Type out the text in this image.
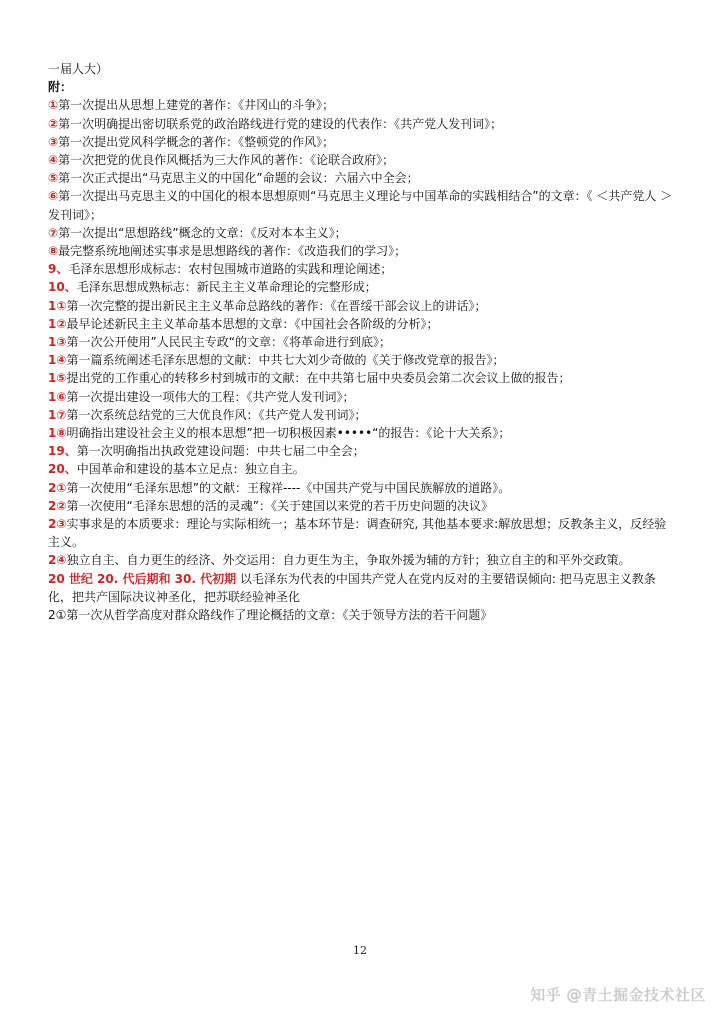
一届人大）
附：
①第一次提出从思想上建党的著作：《井冈山的斗争》；
②第一次明确提出密切联系党的政治路线进行党的建设的代表作：《共产党人发刊词》；
③第一次提出党风科学概念的著作：《整顿党的作风》；
④第一次把党的优良作风概括为三大作风的著作：《论联合政府》；
⑤第一次正式提出“马克思主义的中国化”命题的会议：六届六中全会；
⑥第一次提出马克思主义的中国化的根本思想原则“马克思主义理论与中国革命的实践相结合”的文章：《 ＜共产党人 ＞发刊词》；
⑦第一次提出“思想路线”概念的文章：《反对本本主义》；
⑧最完整系统地阐述实事求是思想路线的著作：《改造我们的学习》；
9、毛泽东思想形成标志：农村包围城市道路的实践和理论阐述；
10、毛泽东思想成熟标志：新民主主义革命理论的完整形成；
1①第一次完整的提出新民主主义革命总路线的著作：《在晋绥干部会议上的讲话》；
1②最早论述新民主主义革命基本思想的文章：《中国社会各阶级的分析》；
1③第一次公开使用”人民民主专政“的文章：《将革命进行到底》；
1④第一篇系统阐述毛泽东思想的文献：中共七大刘少奇做的《关于修改党章的报告》；
1⑤提出党的工作重心的转移乡村到城市的文献：在中共第七届中央委员会第二次会议上做的报告；
1⑥第一次提出建设一项伟大的工程：《共产党人发刊词》；
1⑦第一次系统总结党的三大优良作风：《共产党人发刊词》；
1⑧明确指出建设社会主义的根本思想”把一切积极因素•••••“的报告：《论十大关系》；
19、第一次明确指出执政党建设问题：中共七届二中全会；
20、中国革命和建设的基本立足点：独立自主。
2①第一次使用“毛泽东思想”的文献：王稼祥----《中国共产党与中国民族解放的道路》。
2②第一次使用“毛泽东思想的活的灵魂”：《关于建国以来党的若干历史问题的决议》
2③实事求是的本质要求：理论与实际相统一；基本环节是：调查研究, 其他基本要求:解放思想；反教条主义，反经验主义。
2④独立自主、自力更生的经济、外交运用：自力更生为主，争取外援为辅的方针；独立自主的和平外交政策。
20 世纪 20. 代后期和 30. 代初期 以毛泽东为代表的中国共产党人在党内反对的主要错误倾向: 把马克思主义教条化，把共产国际决议神圣化，把苏联经验神圣化
2①第一次从哲学高度对群众路线作了理论概括的文章：《关于领导方法的若干问题》
12
知乎 @青土掘金技术社区
